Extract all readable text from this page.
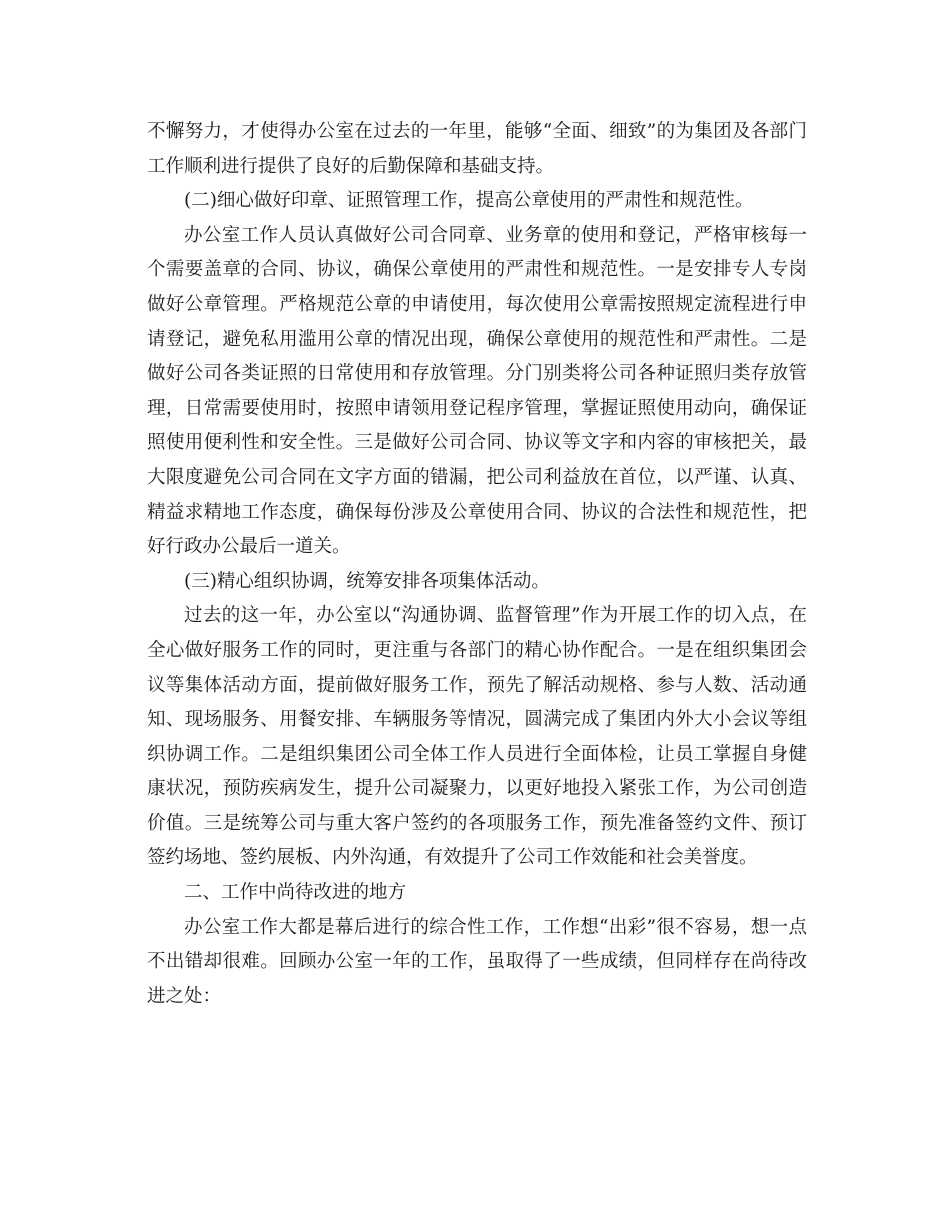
不懈努力，才使得办公室在过去的一年里，能够“全面、细致”的为集团及各部门工作顺利进行提供了良好的后勤保障和基础支持。

(二)细心做好印章、证照管理工作，提高公章使用的严肃性和规范性。

办公室工作人员认真做好公司合同章、业务章的使用和登记，严格审核每一个需要盖章的合同、协议，确保公章使用的严肃性和规范性。一是安排专人专岗做好公章管理。严格规范公章的申请使用，每次使用公章需按照规定流程进行申请登记，避免私用滥用公章的情况出现，确保公章使用的规范性和严肃性。二是做好公司各类证照的日常使用和存放管理。分门别类将公司各种证照归类存放管理，日常需要使用时，按照申请领用登记程序管理，掌握证照使用动向，确保证照使用便利性和安全性。三是做好公司合同、协议等文字和内容的审核把关，最大限度避免公司合同在文字方面的错漏，把公司利益放在首位，以严谨、认真、精益求精地工作态度，确保每份涉及公章使用合同、协议的合法性和规范性，把好行政办公最后一道关。

(三)精心组织协调，统筹安排各项集体活动。

过去的这一年，办公室以“沟通协调、监督管理”作为开展工作的切入点，在全心做好服务工作的同时，更注重与各部门的精心协作配合。一是在组织集团会议等集体活动方面，提前做好服务工作，预先了解活动规格、参与人数、活动通知、现场服务、用餐安排、车辆服务等情况，圆满完成了集团内外大小会议等组织协调工作。二是组织集团公司全体工作人员进行全面体检，让员工掌握自身健康状况，预防疾病发生，提升公司凝聚力，以更好地投入紧张工作，为公司创造价值。三是统筹公司与重大客户签约的各项服务工作，预先准备签约文件、预订签约场地、签约展板、内外沟通，有效提升了公司工作效能和社会美誉度。

二、工作中尚待改进的地方

办公室工作大都是幕后进行的综合性工作，工作想“出彩”很不容易，想一点不出错却很难。回顾办公室一年的工作，虽取得了一些成绩，但同样存在尚待改进之处：
